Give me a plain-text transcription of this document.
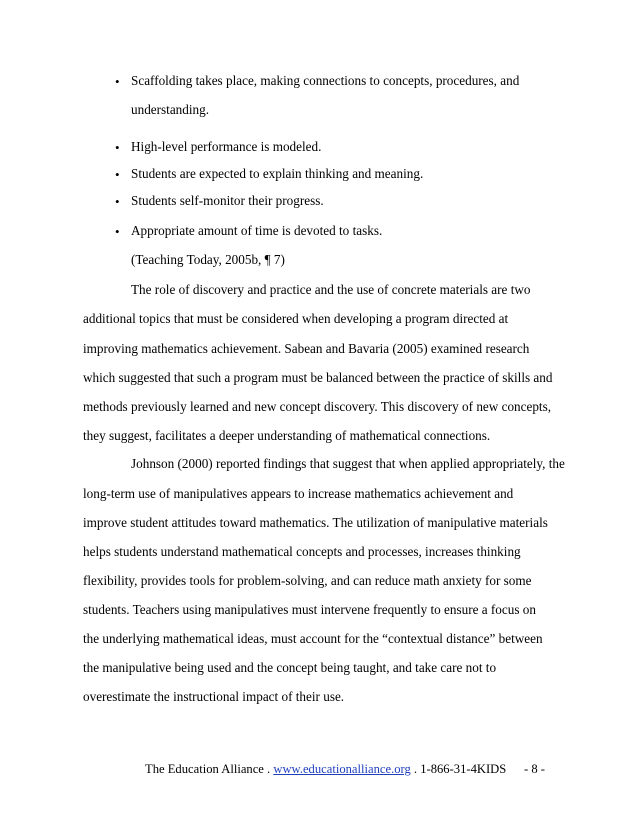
• Scaffolding takes place, making connections to concepts, procedures, and
understanding.
• High-level performance is modeled.
• Students are expected to explain thinking and meaning.
• Students self-monitor their progress.
• Appropriate amount of time is devoted to tasks.
(Teaching Today, 2005b, ¶ 7)
The role of discovery and practice and the use of concrete materials are two
additional topics that must be considered when developing a program directed at
improving mathematics achievement. Sabean and Bavaria (2005) examined research
which suggested that such a program must be balanced between the practice of skills and
methods previously learned and new concept discovery. This discovery of new concepts,
they suggest, facilitates a deeper understanding of mathematical connections.
Johnson (2000) reported findings that suggest that when applied appropriately, the
long-term use of manipulatives appears to increase mathematics achievement and
improve student attitudes toward mathematics. The utilization of manipulative materials
helps students understand mathematical concepts and processes, increases thinking
flexibility, provides tools for problem-solving, and can reduce math anxiety for some
students. Teachers using manipulatives must intervene frequently to ensure a focus on
the underlying mathematical ideas, must account for the “contextual distance” between
the manipulative being used and the concept being taught, and take care not to
overestimate the instructional impact of their use.
The Education Alliance . www.educationalliance.org . 1-866-31-4KIDS - 8 -
